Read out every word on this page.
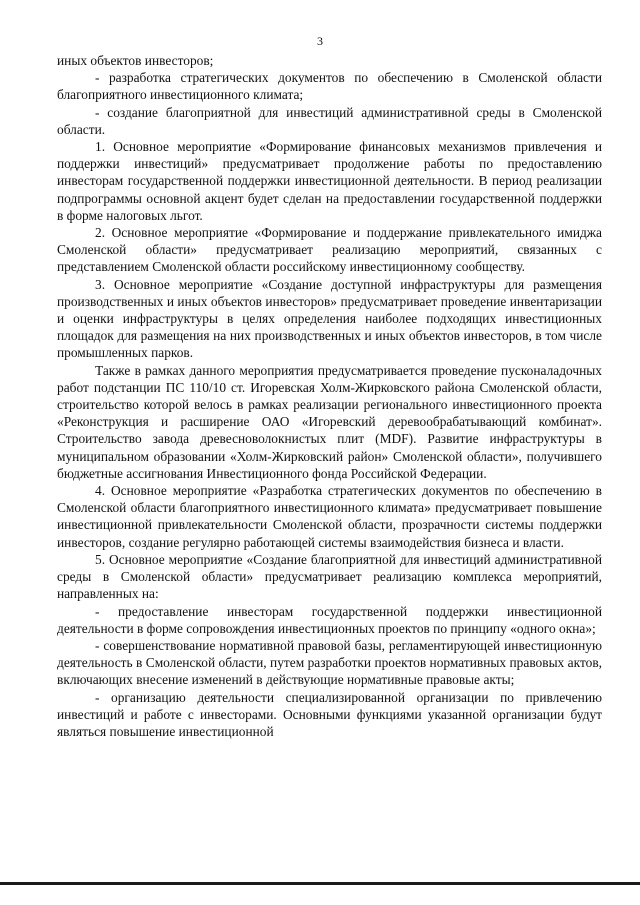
3

иных объектов инвесторов;

- разработка стратегических документов по обеспечению в Смоленской области благоприятного инвестиционного климата;

- создание благоприятной для инвестиций административной среды в Смоленской области.

1. Основное мероприятие «Формирование финансовых механизмов привлечения и поддержки инвестиций» предусматривает продолжение работы по предоставлению инвесторам государственной поддержки инвестиционной деятельности. В период реализации подпрограммы основной акцент будет сделан на предоставлении государственной поддержки в форме налоговых льгот.

2. Основное мероприятие «Формирование и поддержание привлекательного имиджа Смоленской области» предусматривает реализацию мероприятий, связанных с представлением Смоленской области российскому инвестиционному сообществу.

3. Основное мероприятие «Создание доступной инфраструктуры для размещения производственных и иных объектов инвесторов» предусматривает проведение инвентаризации и оценки инфраструктуры в целях определения наиболее подходящих инвестиционных площадок для размещения на них производственных и иных объектов инвесторов, в том числе промышленных парков.

Также в рамках данного мероприятия предусматривается проведение пусконаладочных работ подстанции ПС 110/10 ст. Игоревская Холм-Жирковского района Смоленской области, строительство которой велось в рамках реализации регионального инвестиционного проекта «Реконструкция и расширение ОАО «Игоревский деревообрабатывающий комбинат». Строительство завода древесноволокнистых плит (MDF). Развитие инфраструктуры в муниципальном образовании «Холм-Жирковский район» Смоленской области», получившего бюджетные ассигнования Инвестиционного фонда Российской Федерации.

4. Основное мероприятие «Разработка стратегических документов по обеспечению в Смоленской области благоприятного инвестиционного климата» предусматривает повышение инвестиционной привлекательности Смоленской области, прозрачности системы поддержки инвесторов, создание регулярно работающей системы взаимодействия бизнеса и власти.

5. Основное мероприятие «Создание благоприятной для инвестиций административной среды в Смоленской области» предусматривает реализацию комплекса мероприятий, направленных на:

- предоставление инвесторам государственной поддержки инвестиционной деятельности в форме сопровождения инвестиционных проектов по принципу «одного окна»;

- совершенствование нормативной правовой базы, регламентирующей инвестиционную деятельность в Смоленской области, путем разработки проектов нормативных правовых актов, включающих внесение изменений в действующие нормативные правовые акты;

- организацию деятельности специализированной организации по привлечению инвестиций и работе с инвесторами. Основными функциями указанной организации будут являться повышение инвестиционной
